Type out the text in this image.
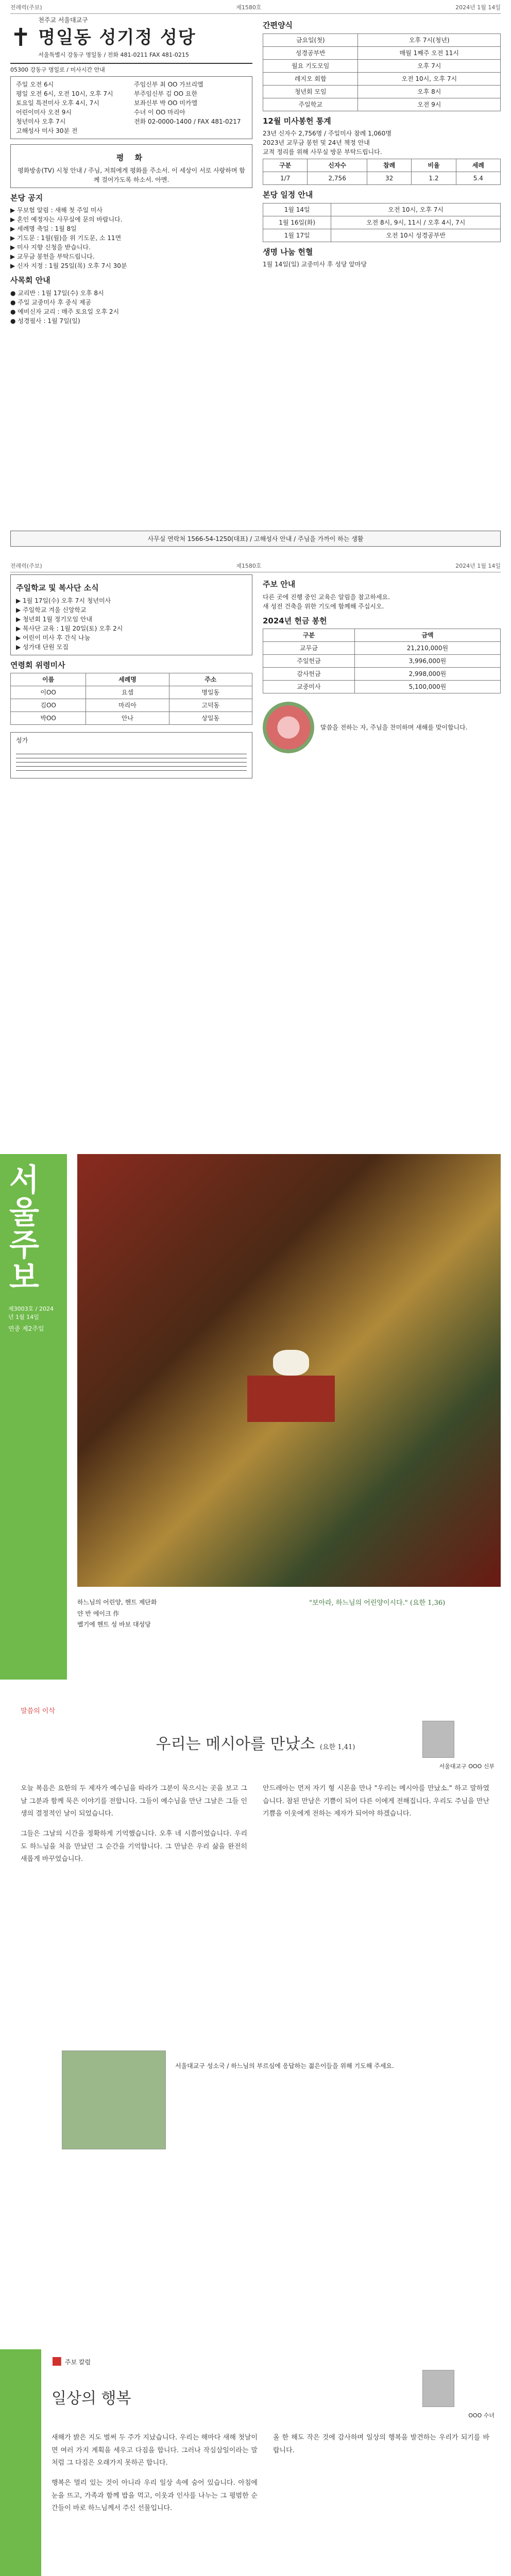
전례력(주보)	제1580호	2024년 1월 14일
✝
천주교 서울대교구
명일동 성기정 성당
서울특별시 강동구 명일동 / 전화 481-0211 FAX 481-0215
05300 강동구 명일로 / 미사시간 안내
주일 오전 6시
평일 오전 6시, 오전 10시, 오후 7시
토요일 특전미사 오후 4시, 7시
어린이미사 오전 9시
청년미사 오후 7시
고해성사 미사 30분 전
주임신부 최 OO 가브리엘
부주임신부 김 OO 요한
보좌신부 박 OO 미카엘
수녀 이 OO 마리아
전화 02-0000-1400 / FAX 481-0217
평 화
평화방송(TV) 시청 안내 / 주님, 저희에게 평화를 주소서. 이 세상이 서로 사랑하며 함께 걸어가도록 하소서. 아멘.
본당 공지
▶ 무보험 알림 : 새해 첫 주일 미사
▶ 혼인 예정자는 사무실에 문의 바랍니다.
▶ 세례명 축일 : 1월 8일
▶ 기도문 : 1월(월)을 위 기도문, 소 11면
▶ 미사 지향 신청을 받습니다.
▶ 교무금 봉헌을 부탁드립니다.
▶ 신자 지정 : 1월 25일(목) 오후 7시 30분
사목회 안내
● 교리반 : 1월 17일(수) 오후 8시
● 주일 교중미사 후 중식 제공
● 예비신자 교리 : 매주 토요일 오후 2시
● 성경필사 : 1월 7일(일)
간편양식
금요일(첫)	오후 7시(청년)
성경공부반	매월 1째주 오전 11시
월요 기도모임	오후 7시
레지오 회합	오전 10시, 오후 7시
청년회 모임	오후 8시
주일학교	오전 9시
12월 미사봉헌 통계
23년 신자수 2,756명 / 주일미사 참례 1,060명
2023년 교무금 봉헌 및 24년 책정 안내
교적 정리를 위해 사무실 방문 부탁드립니다.
구분	신자수	참례	비율	세례
1/7	2,756	32	1.2	5.4
본당 일정 안내
1월 14일	오전 10시, 오후 7시
1월 16일(화)	오전 8시, 9시, 11시 / 오후 4시, 7시
1월 17일	오전 10시 성경공부반
생명 나눔 헌혈
1월 14일(일) 교중미사 후 성당 앞마당
사무실 연락처 1566-54-1250(대표) / 고해성사 안내 / 주님을 가까이 하는 생활
전례력(주보)	제1580호	2024년 1월 14일
주일학교 및 복사단 소식
▶ 1월 17일(수) 오후 7시 청년미사
▶ 주일학교 겨울 신앙학교
▶ 청년회 1월 정기모임 안내
▶ 복사단 교육 : 1월 20일(토) 오후 2시
▶ 어린이 미사 후 간식 나눔
▶ 성가대 단원 모집
연령회 위령미사
이름	세례명	주소
이OO	요셉	명일동
김OO	마리아	고덕동
박OO	안나	상일동
성가
주보 안내
다른 곳에 진행 중인 교육은 알림을 참고하세요.
새 성전 건축을 위한 기도에 함께해 주십시오.
2024년 헌금 봉헌
구분	금액
교무금	21,210,000원
주일헌금	3,996,000원
감사헌금	2,998,000원
교중미사	5,100,000원
말씀을 전하는 자, 주님을 찬미하며 새해를 맞이합니다.
서울주보
제3003호 / 2024년 1월 14일
연중 제2주일
하느님의 어린양, 헨트 제단화
얀 반 에이크 作
벨기에 헨트 성 바보 대성당
"보아라, 하느님의 어린양이시다." (요한 1,36)
말씀의 이삭
우리는 메시아를 만났소 (요한 1,41)
서울대교구 OOO 신부

오늘 복음은 요한의 두 제자가 예수님을 따라가 그분이 묵으시는 곳을 보고 그날 그분과 함께 묵은 이야기를 전합니다. 그들이 예수님을 만난 그날은 그들 인생의 결정적인 날이 되었습니다.

그들은 그날의 시간을 정확하게 기억했습니다. 오후 네 시쯤이었습니다. 우리도 하느님을 처음 만났던 그 순간을 기억합니다. 그 만남은 우리 삶을 완전히 새롭게 바꾸었습니다.

안드레아는 먼저 자기 형 시몬을 만나 "우리는 메시아를 만났소." 하고 말하였습니다. 참된 만남은 기쁨이 되어 다른 이에게 전해집니다. 우리도 주님을 만난 기쁨을 이웃에게 전하는 제자가 되어야 하겠습니다.

서울대교구 성소국 / 하느님의 부르심에 응답하는 젊은이들을 위해 기도해 주세요.
■ 주보 칼럼
일상의 행복
OOO 수녀

새해가 밝은 지도 벌써 두 주가 지났습니다. 우리는 해마다 새해 첫날이면 여러 가지 계획을 세우고 다짐을 합니다. 그러나 작심삼일이라는 말처럼 그 다짐은 오래가지 못하곤 합니다.

행복은 멀리 있는 것이 아니라 우리 일상 속에 숨어 있습니다. 아침에 눈을 뜨고, 가족과 함께 밥을 먹고, 이웃과 인사를 나누는 그 평범한 순간들이 바로 하느님께서 주신 선물입니다.

올 한 해도 작은 것에 감사하며 일상의 행복을 발견하는 우리가 되기를 바랍니다.
